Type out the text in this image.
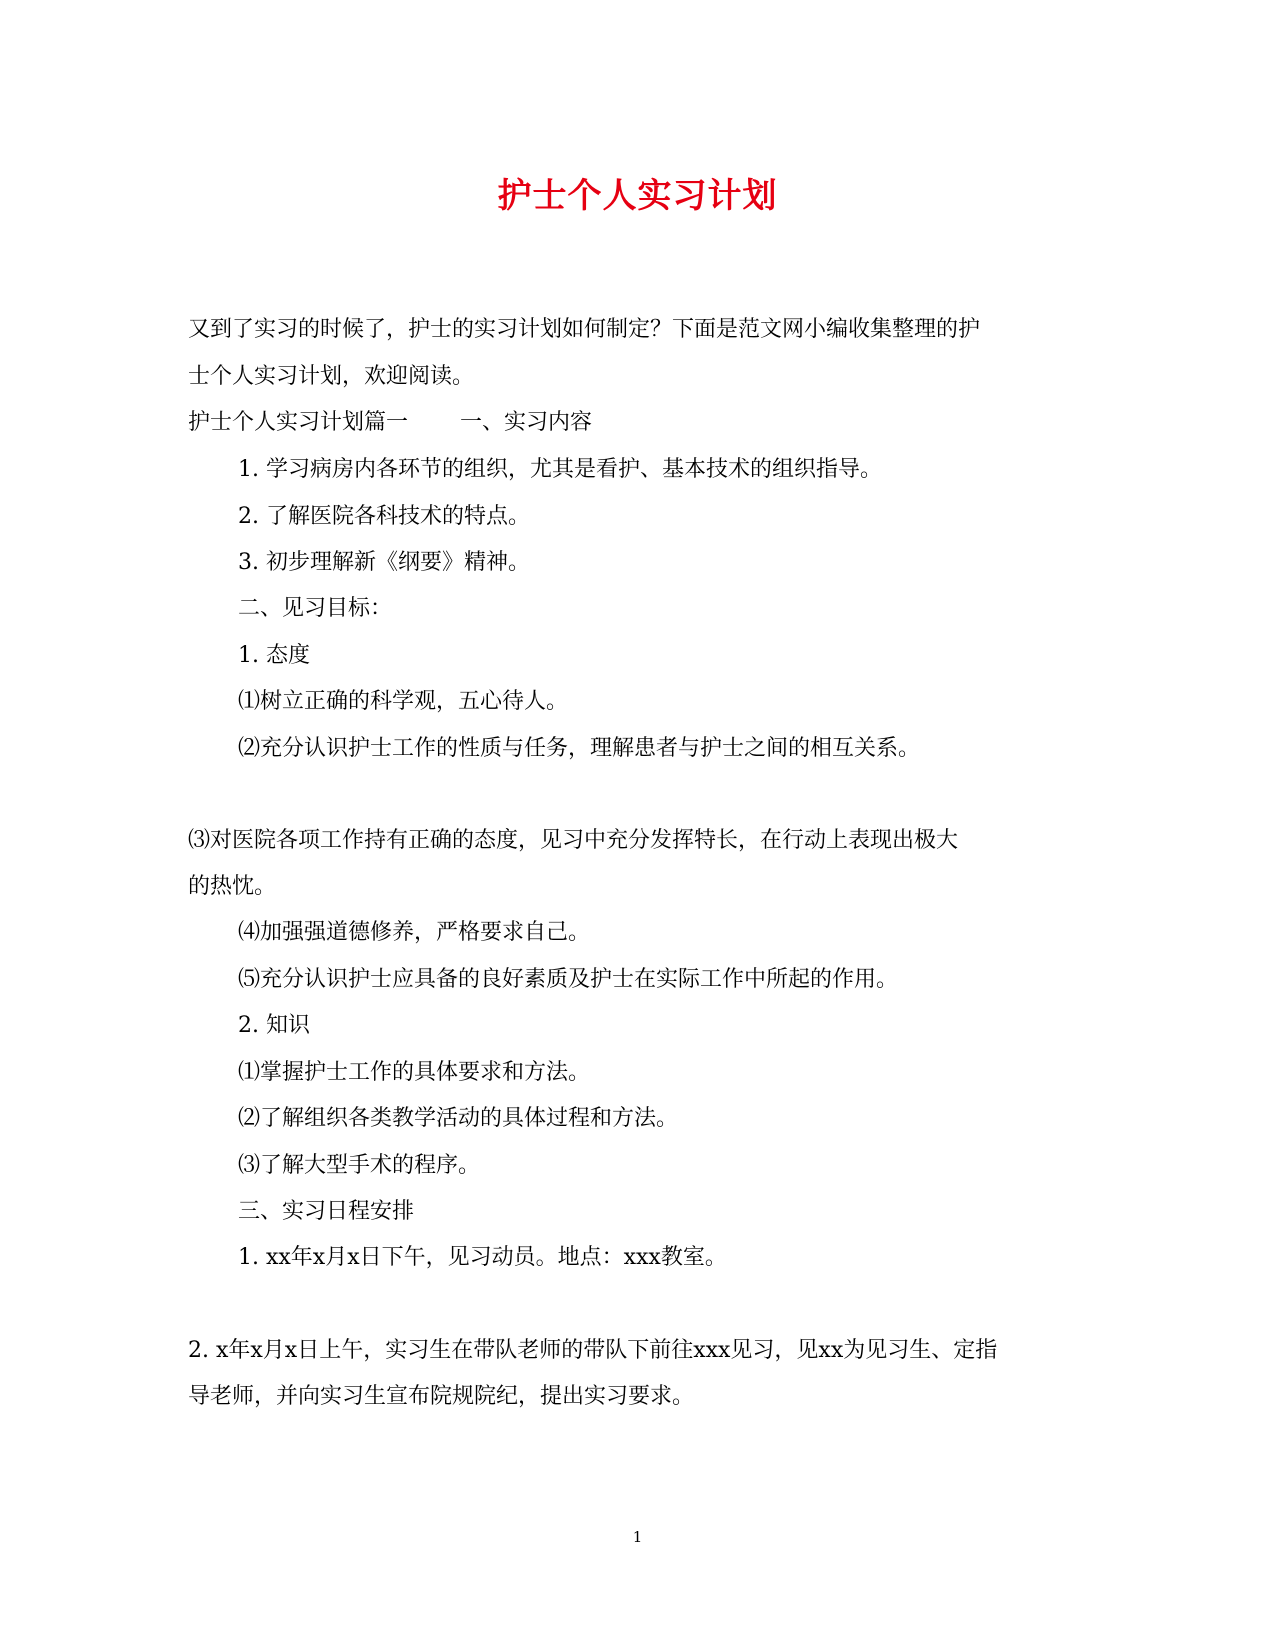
护士个人实习计划

又到了实习的时候了，护士的实习计划如何制定？下面是范文网小编收集整理的护

士个人实习计划，欢迎阅读。

护士个人实习计划篇一 一、实习内容

1. 学习病房内各环节的组织，尤其是看护、基本技术的组织指导。

2. 了解医院各科技术的特点。

3. 初步理解新《纲要》精神。

二、见习目标：

1. 态度

⑴树立正确的科学观，五心待人。

⑵充分认识护士工作的性质与任务，理解患者与护士之间的相互关系。

⑶对医院各项工作持有正确的态度，见习中充分发挥特长，在行动上表现出极大

的热忱。

⑷加强强道德修养，严格要求自己。

⑸充分认识护士应具备的良好素质及护士在实际工作中所起的作用。

2. 知识

⑴掌握护士工作的具体要求和方法。

⑵了解组织各类教学活动的具体过程和方法。

⑶了解大型手术的程序。

三、实习日程安排

1. xx年x月x日下午，见习动员。地点：xxx教室。

2. x年x月x日上午，实习生在带队老师的带队下前往xxx见习，见xx为见习生、定指

导老师，并向实习生宣布院规院纪，提出实习要求。

1
